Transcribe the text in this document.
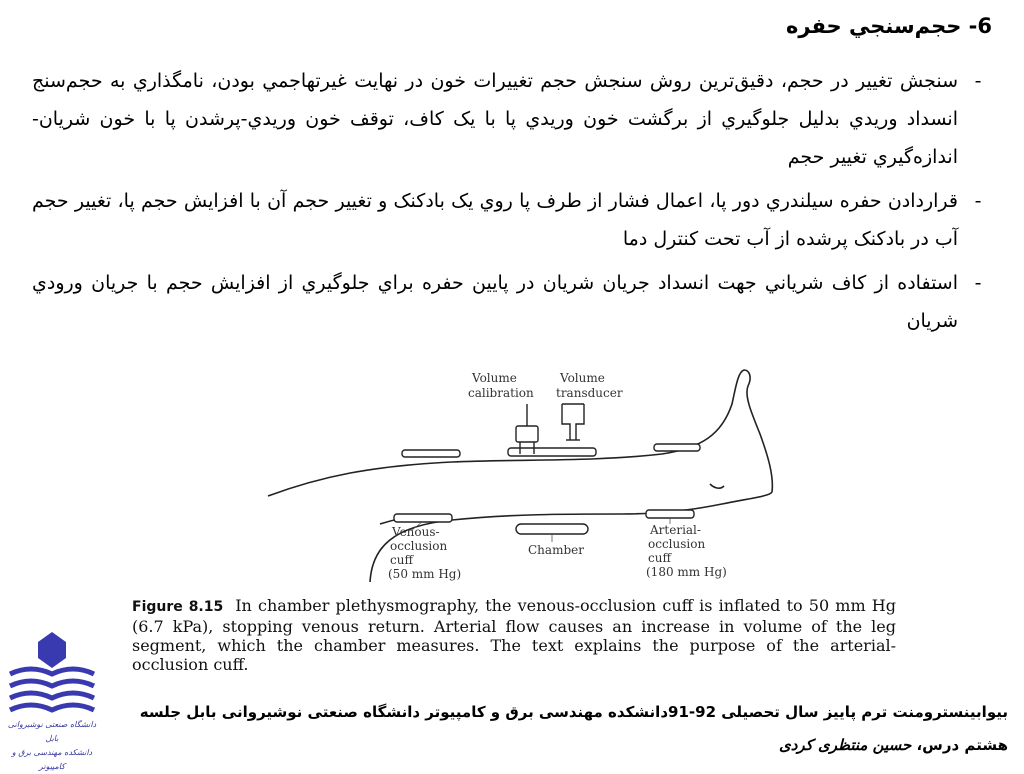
6- حجم‌سنجي حفره
-
سنجش تغيير در حجم، دقيق‌ترين روش سنجش حجم تغييرات خون در نهايت غير‌تهاجمي بودن، نامگذاري به حجم‌سنج انسداد وريدي بدليل جلوگيري از برگشت خون وريدي پا با يک کاف، توقف خون وريدي-پرشدن پا با خون شريان- اندازه‌گيري تغيير حجم
-
قراردادن حفره سيلندري دور پا، اعمال فشار از طرف پا روي يک بادکنک و تغيير حجم آن با افزايش حجم پا، تغيير حجم آب در بادکنک پرشده از آب تحت کنترل دما
-
استفاده از کاف شرياني جهت انسداد جريان شريان در پايين حفره براي جلوگيري از افزايش حجم با جريان ورودي شريان
Volume
calibration
Volume
transducer
Venous-
occlusion
cuff
(50 mm Hg)
Chamber
Arterial-
occlusion
cuff
(180 mm Hg)
Figure 8.15 In chamber plethysmography, the venous-occlusion cuff is inflated to 50 mm Hg (6.7 kPa), stopping venous return. Arterial flow causes an increase in volume of the leg segment, which the chamber measures. The text explains the purpose of the arterial-occlusion cuff.
دانشگاه صنعتی نوشیروانی بابل
دانشکده مهندسی برق و کامپیوتر
بيوابينسترومنت ترم پاييز سال تحصيلی 92-91دانشکده مهندسی برق و کامپيوتر دانشگاه صنعتی نوشيروانی بابل جلسه
هشتم درس، حسین منتظری کردی
